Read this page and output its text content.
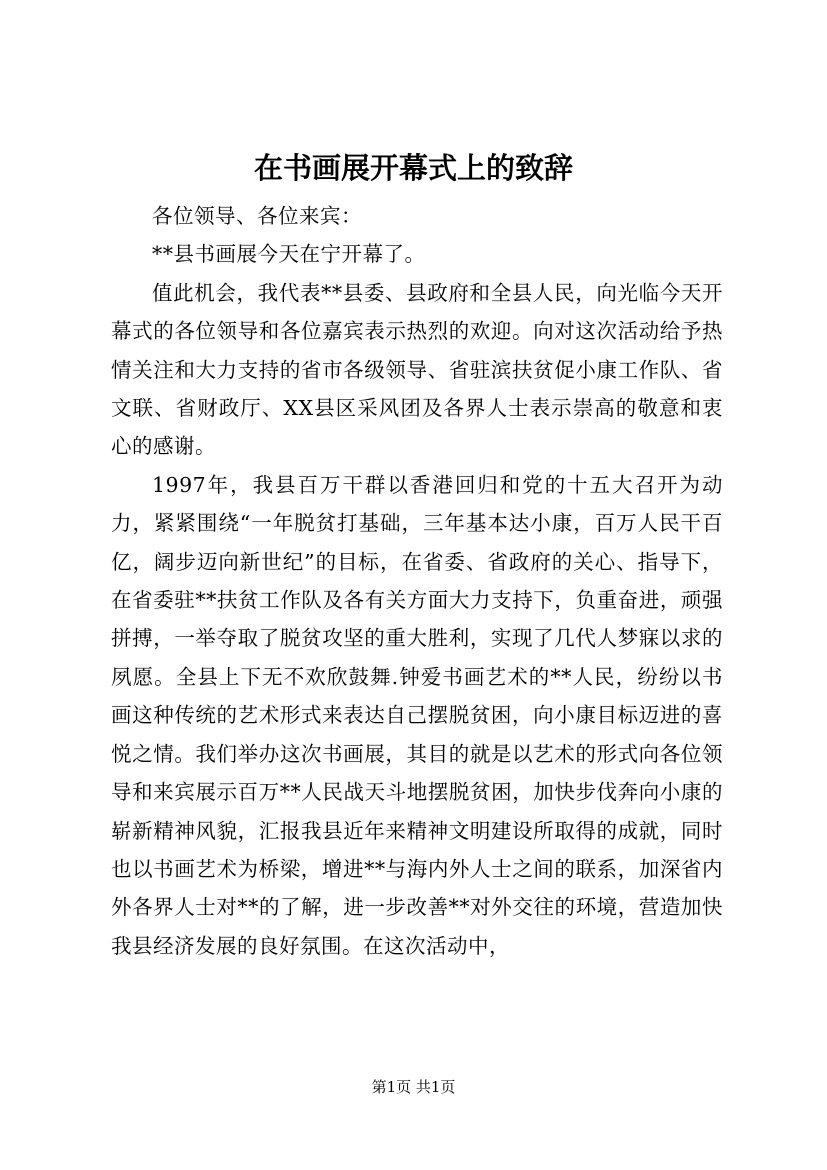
在书画展开幕式上的致辞

各位领导、各位来宾：

**县书画展今天在宁开幕了。

值此机会，我代表**县委、县政府和全县人民，向光临今天开幕式的各位领导和各位嘉宾表示热烈的欢迎。向对这次活动给予热情关注和大力支持的省市各级领导、省驻滨扶贫促小康工作队、省文联、省财政厅、XX县区采风团及各界人士表示崇高的敬意和衷心的感谢。

1997年，我县百万干群以香港回归和党的十五大召开为动力，紧紧围绕“一年脱贫打基础，三年基本达小康，百万人民干百亿，阔步迈向新世纪”的目标，在省委、省政府的关心、指导下，在省委驻**扶贫工作队及各有关方面大力支持下，负重奋进，顽强拼搏，一举夺取了脱贫攻坚的重大胜利，实现了几代人梦寐以求的夙愿。全县上下无不欢欣鼓舞.钟爱书画艺术的**人民，纷纷以书画这种传统的艺术形式来表达自己摆脱贫困，向小康目标迈进的喜悦之情。我们举办这次书画展，其目的就是以艺术的形式向各位领导和来宾展示百万**人民战天斗地摆脱贫困，加快步伐奔向小康的崭新精神风貌，汇报我县近年来精神文明建设所取得的成就，同时也以书画艺术为桥梁，增进**与海内外人士之间的联系，加深省内外各界人士对**的了解，进一步改善**对外交往的环境，营造加快我县经济发展的良好氛围。在这次活动中，

第1页 共1页
